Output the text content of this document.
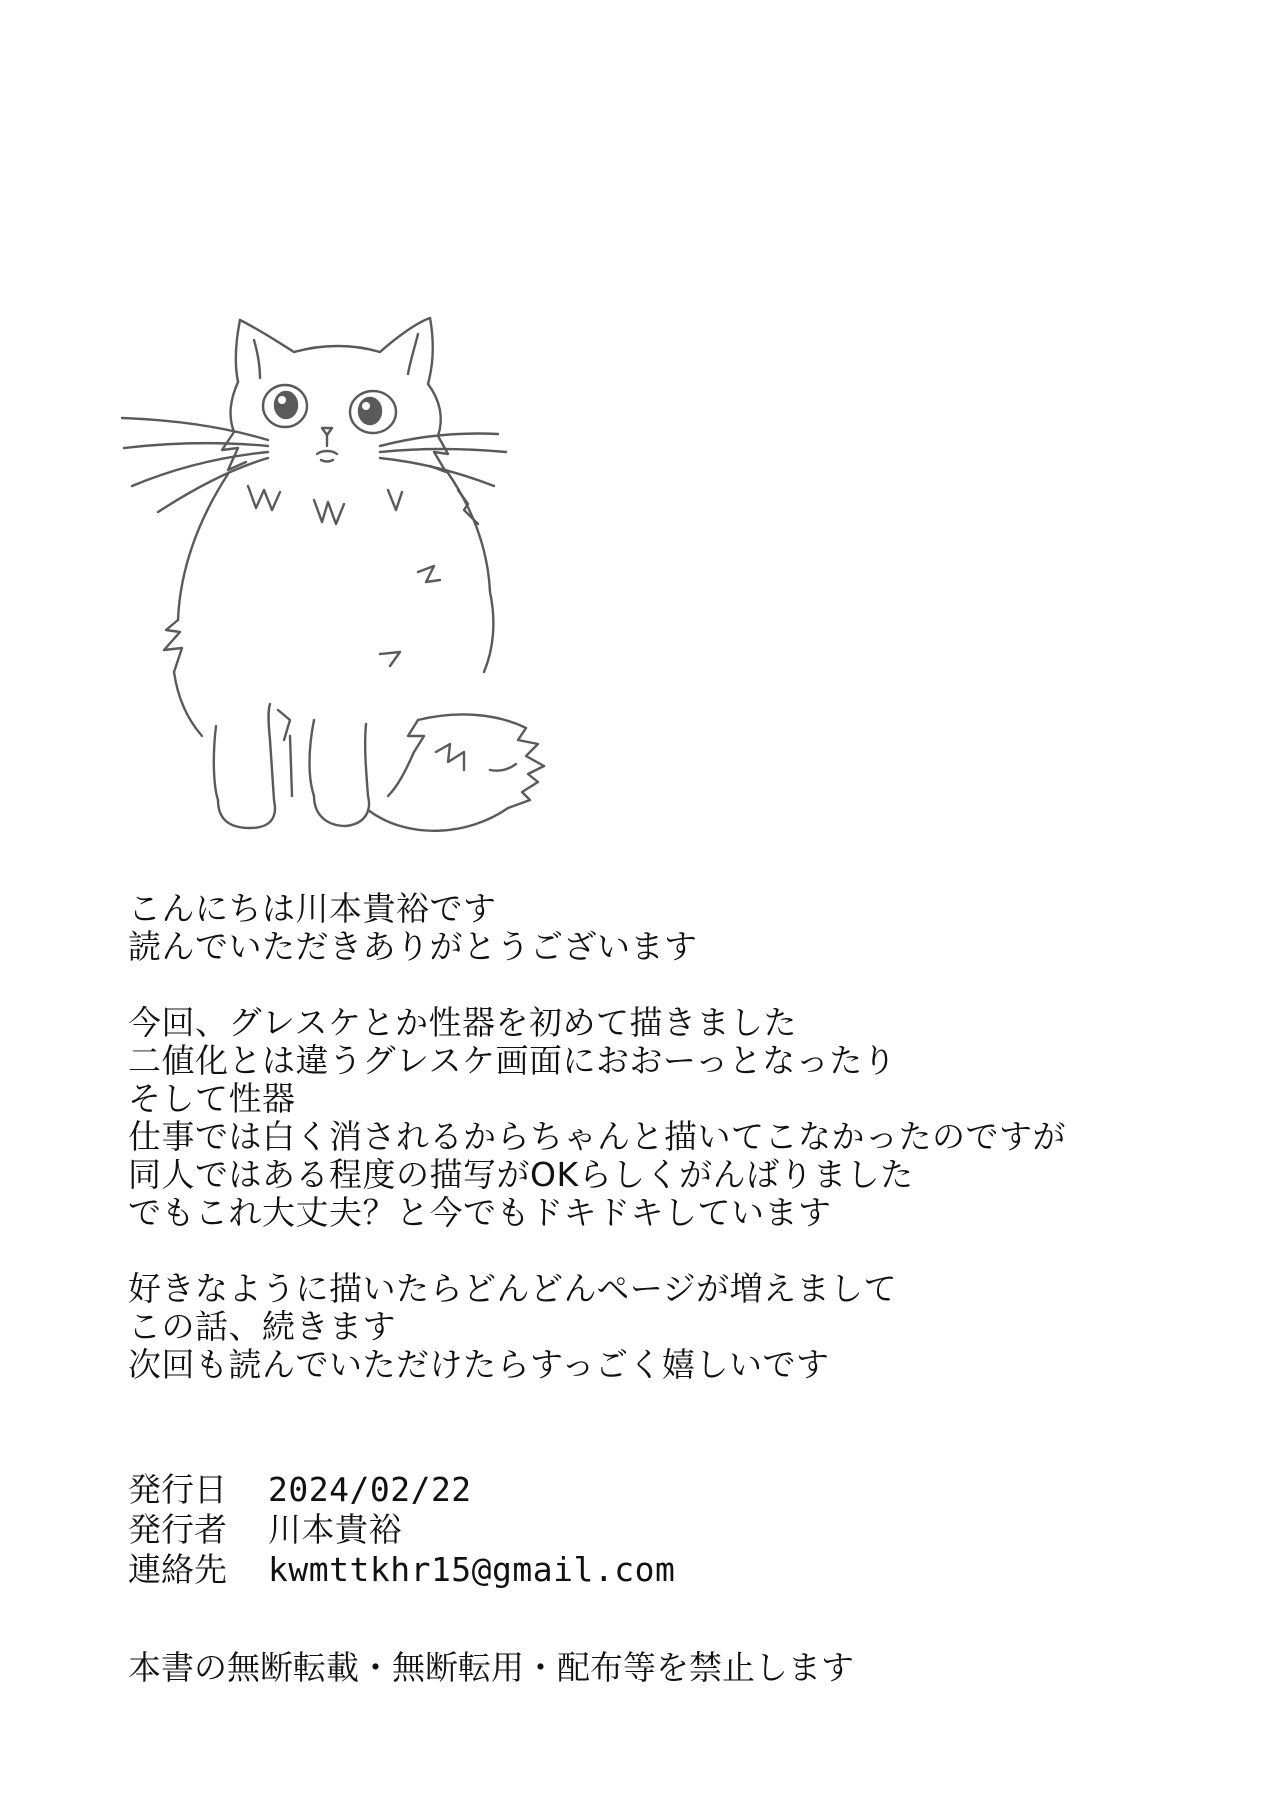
こんにちは川本貴裕です
読んでいただきありがとうございます
今回、グレスケとか性器を初めて描きました
二値化とは違うグレスケ画面におおーっとなったり
そして性器
仕事では白く消されるからちゃんと描いてこなかったのですが
同人ではある程度の描写がOKらしくがんばりました
でもこれ大丈夫？と今でもドキドキしています
好きなように描いたらどんどんページが増えまして
この話、続きます
次回も読んでいただけたらすっごく嬉しいです
発行日	2024/02/22
発行者	川本貴裕
連絡先	kwmttkhr15@gmail.com
本書の無断転載・無断転用・配布等を禁止します
